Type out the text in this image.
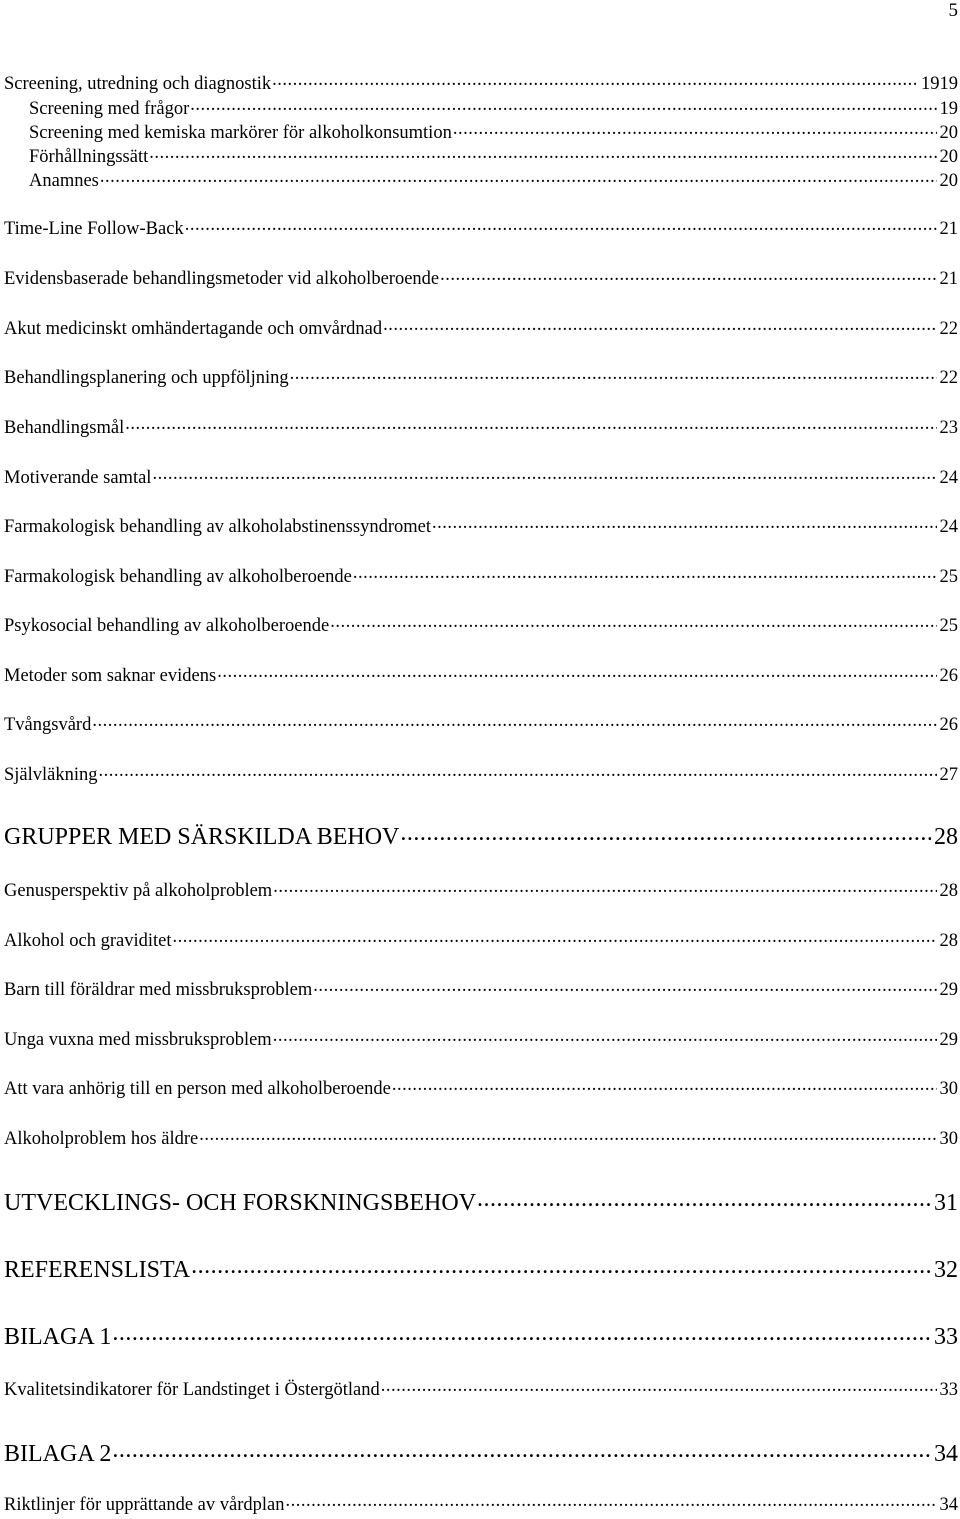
5
Screening, utredning och diagnostik .....	1919
Screening med frågor .....	19
Screening med kemiska markörer för alkoholkonsumtion .....	20
Förhållningssätt .....	20
Anamnes .....	20
Time-Line Follow-Back .....	21
Evidensbaserade behandlingsmetoder vid alkoholberoende .....	21
Akut medicinskt omhändertagande och omvårdnad .....	22
Behandlingsplanering och uppföljning .....	22
Behandlingsmål .....	23
Motiverande samtal .....	24
Farmakologisk behandling av alkoholabstinenssyndromet .....	24
Farmakologisk behandling av alkoholberoende .....	25
Psykosocial behandling av alkoholberoende .....	25
Metoder som saknar evidens .....	26
Tvångsvård .....	26
Självläkning .....	27
GRUPPER MED SÄRSKILDA BEHOV .....	28
Genusperspektiv på alkoholproblem .....	28
Alkohol och graviditet .....	28
Barn till föräldrar med missbruksproblem .....	29
Unga vuxna med missbruksproblem .....	29
Att vara anhörig till en person med alkoholberoende .....	30
Alkoholproblem hos äldre .....	30
UTVECKLINGS- OCH FORSKNINGSBEHOV .....	31
REFERENSLISTA .....	32
BILAGA 1 .....	33
Kvalitetsindikatorer för Landstinget i Östergötland .....	33
BILAGA 2 .....	34
Riktlinjer för upprättande av vårdplan .....	34
